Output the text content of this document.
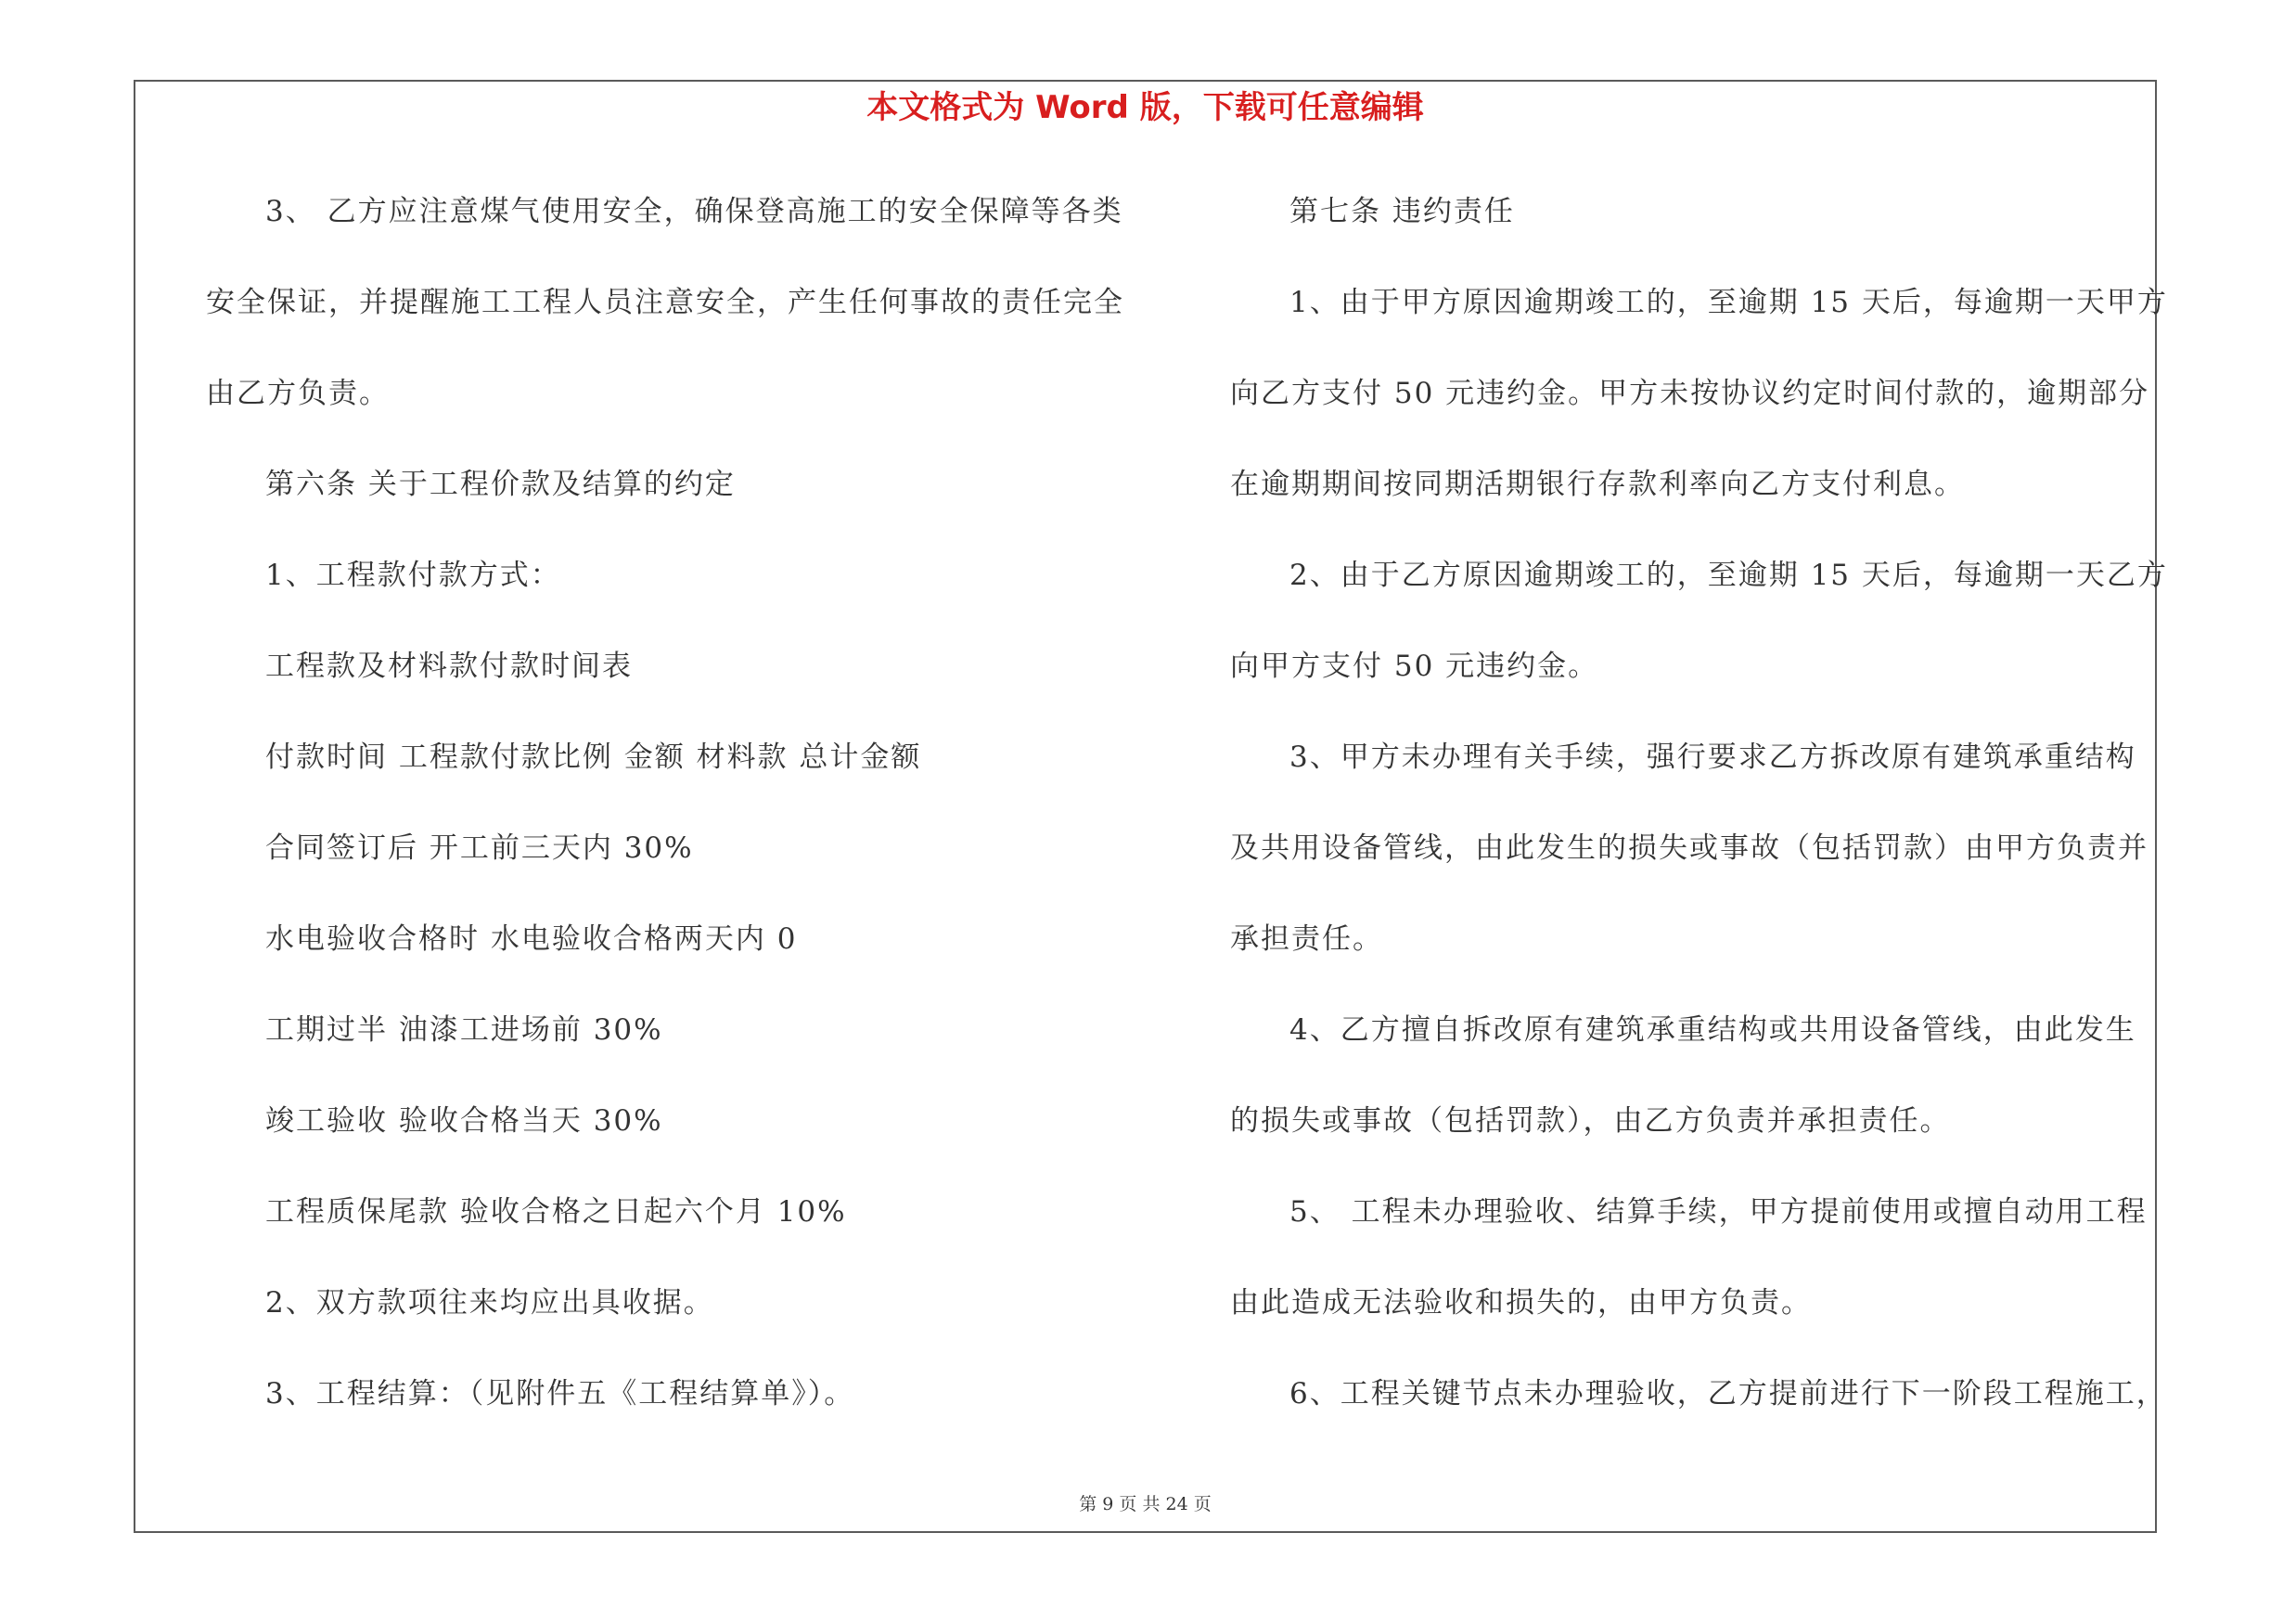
本文格式为 Word 版，下载可任意编辑
3、 乙方应注意煤气使用安全，确保登高施工的安全保障等各类
安全保证，并提醒施工工程人员注意安全，产生任何事故的责任完全
由乙方负责。
第六条 关于工程价款及结算的约定
1、工程款付款方式：
工程款及材料款付款时间表
付款时间 工程款付款比例 金额 材料款 总计金额
合同签订后 开工前三天内 30%
水电验收合格时 水电验收合格两天内 0
工期过半 油漆工进场前 30%
竣工验收 验收合格当天 30%
工程质保尾款 验收合格之日起六个月 10%
2、双方款项往来均应出具收据。
3、工程结算：（见附件五《工程结算单》）。
第七条 违约责任
1、由于甲方原因逾期竣工的，至逾期 15 天后，每逾期一天甲方
向乙方支付 50 元违约金。甲方未按协议约定时间付款的，逾期部分
在逾期期间按同期活期银行存款利率向乙方支付利息。
2、由于乙方原因逾期竣工的，至逾期 15 天后，每逾期一天乙方
向甲方支付 50 元违约金。
3、甲方未办理有关手续，强行要求乙方拆改原有建筑承重结构
及共用设备管线，由此发生的损失或事故（包括罚款）由甲方负责并
承担责任。
4、乙方擅自拆改原有建筑承重结构或共用设备管线，由此发生
的损失或事故（包括罚款），由乙方负责并承担责任。
5、 工程未办理验收、结算手续，甲方提前使用或擅自动用工程
由此造成无法验收和损失的，由甲方负责。
6、工程关键节点未办理验收，乙方提前进行下一阶段工程施工，
第 9 页 共 24 页
